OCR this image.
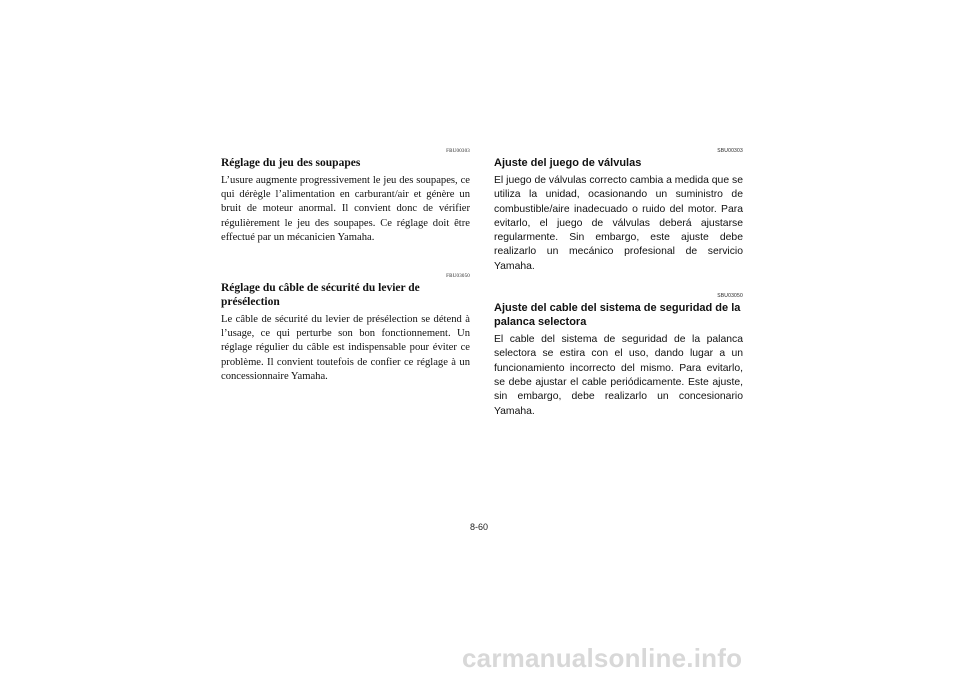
FBU00303
Réglage du jeu des soupapes

L’usure augmente progressivement le jeu des soupapes, ce qui dérègle l’alimentation en carburant/air et génère un bruit de moteur anormal. Il convient donc de vérifier régulièrement le jeu des soupapes. Ce réglage doit être effectué par un mécanicien Yamaha.

FBU03050
Réglage du câble de sécurité du levier de présélection

Le câble de sécurité du levier de présélection se détend à l’usage, ce qui perturbe son bon fonctionnement. Un réglage régulier du câble est indispensable pour éviter ce problème. Il convient toutefois de confier ce réglage à un concessionnaire Yamaha.

SBU00303
Ajuste del juego de válvulas

El juego de válvulas correcto cambia a medida que se utiliza la unidad, ocasionando un suministro de combustible/aire inadecuado o ruido del motor. Para evitarlo, el juego de válvulas deberá ajustarse regularmente. Sin embargo, este ajuste debe realizarlo un mecánico profesional de servicio Yamaha.

SBU03050
Ajuste del cable del sistema de seguridad de la palanca selectora

El cable del sistema de seguridad de la palanca selectora se estira con el uso, dando lugar a un funcionamiento incorrecto del mismo. Para evitarlo, se debe ajustar el cable periódicamente. Este ajuste, sin embargo, debe realizarlo un concesionario Yamaha.

8-60
carmanualsonline.info
